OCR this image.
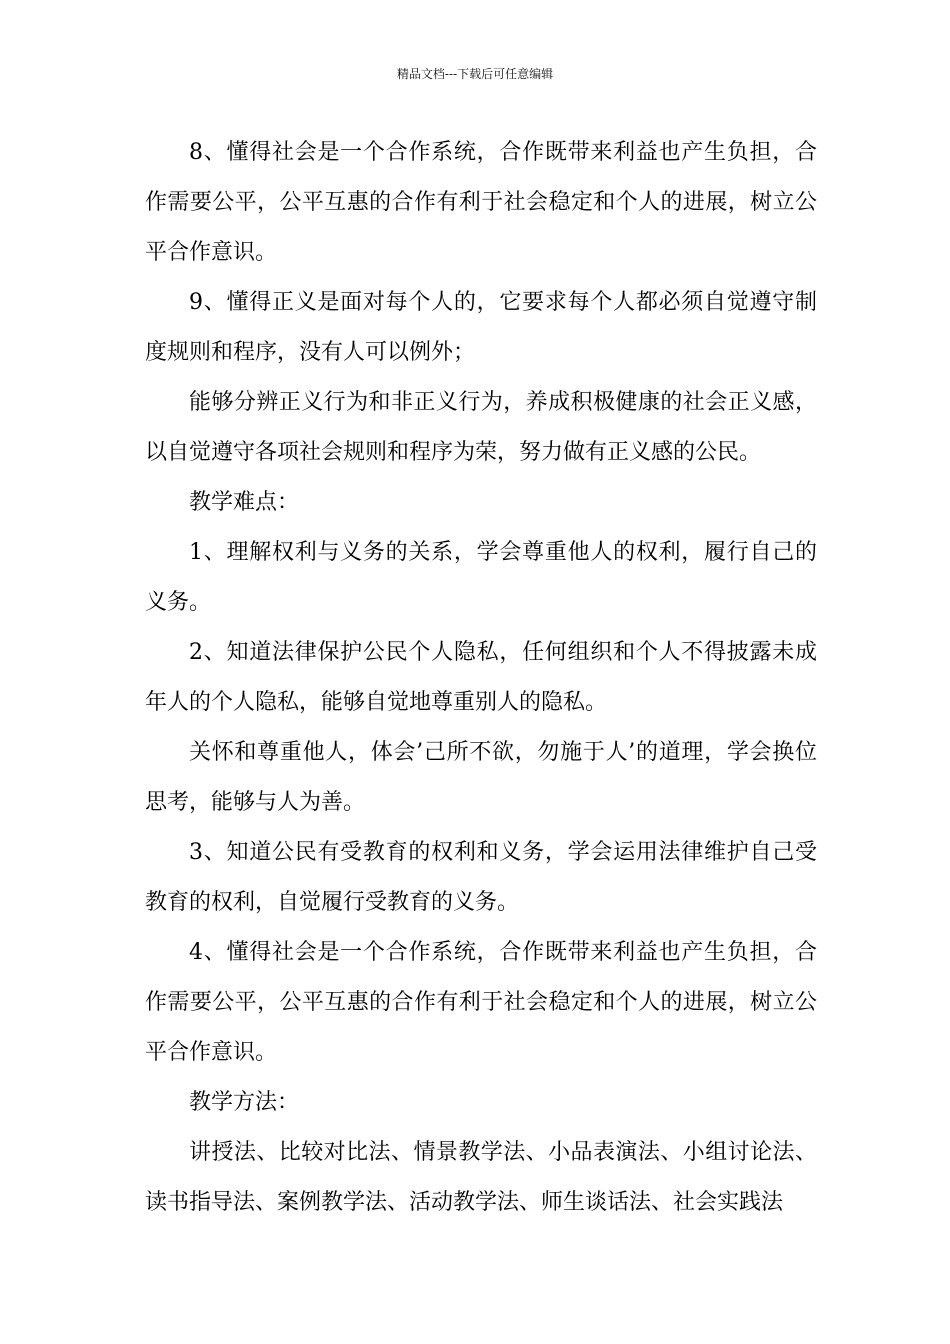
精品文档---下载后可任意编辑

8、懂得社会是一个合作系统，合作既带来利益也产生负担，合作需要公平，公平互惠的合作有利于社会稳定和个人的进展，树立公平合作意识。

9、懂得正义是面对每个人的，它要求每个人都必须自觉遵守制度规则和程序，没有人可以例外；

能够分辨正义行为和非正义行为，养成积极健康的社会正义感，以自觉遵守各项社会规则和程序为荣，努力做有正义感的公民。

教学难点：

1、理解权利与义务的关系，学会尊重他人的权利，履行自己的义务。

2、知道法律保护公民个人隐私，任何组织和个人不得披露未成年人的个人隐私，能够自觉地尊重别人的隐私。

关怀和尊重他人，体会’己所不欲，勿施于人’的道理，学会换位思考，能够与人为善。

3、知道公民有受教育的权利和义务，学会运用法律维护自己受教育的权利，自觉履行受教育的义务。

4、懂得社会是一个合作系统，合作既带来利益也产生负担，合作需要公平，公平互惠的合作有利于社会稳定和个人的进展，树立公平合作意识。

教学方法：

讲授法、比较对比法、情景教学法、小品表演法、小组讨论法、读书指导法、案例教学法、活动教学法、师生谈话法、社会实践法
